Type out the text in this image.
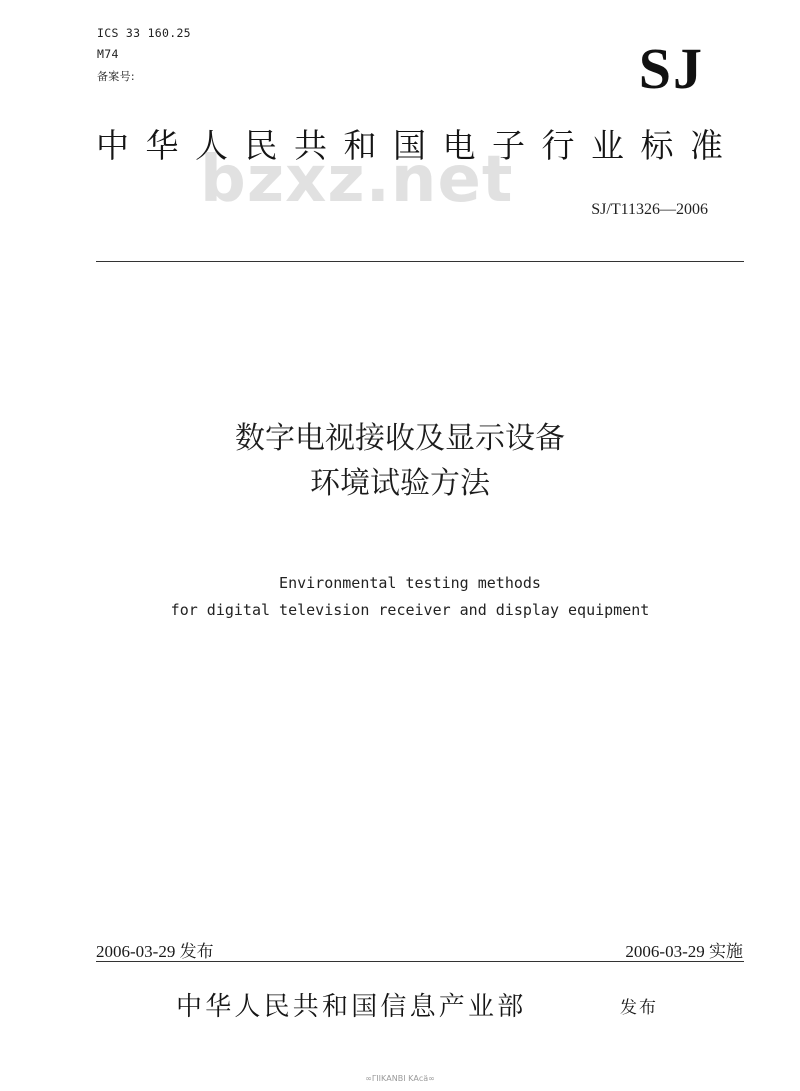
ICS 33 160.25
M74
备案号:	SJ
中华人民共和国电子行业标准
bzxz.net	SJ/T11326—2006
数字电视接收及显示设备
环境试验方法
Environmental testing methods
for digital television receiver and display equipment
2006-03-29 发布	2006-03-29 实施
中华人民共和国信息产业部	发布
∞ΓΙΙΚΑΝΒΙ ΚΑcä∞
